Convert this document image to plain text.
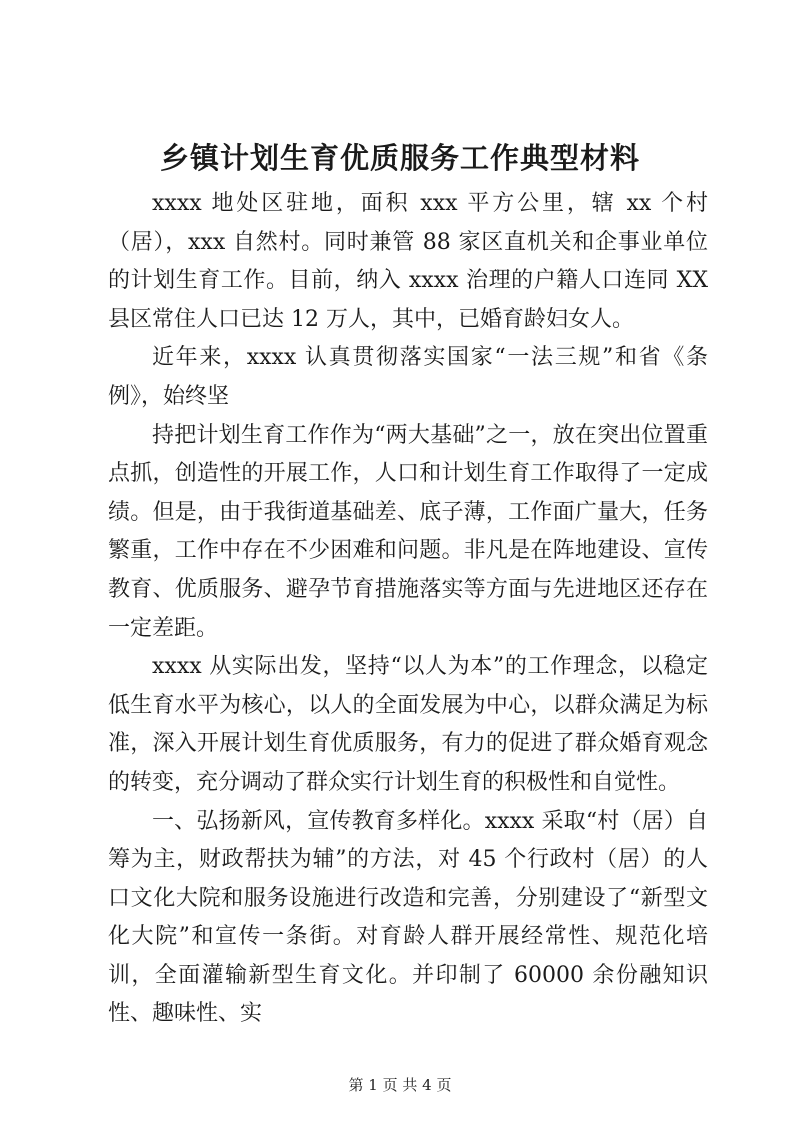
乡镇计划生育优质服务工作典型材料

xxxx 地处区驻地，面积 xxx 平方公里，辖 xx 个村（居），xxx 自然村。同时兼管 88 家区直机关和企事业单位的计划生育工作。目前，纳入 xxxx 治理的户籍人口连同 XX 县区常住人口已达 12 万人，其中，已婚育龄妇女人。

近年来，xxxx 认真贯彻落实国家“一法三规”和省《条例》，始终坚

持把计划生育工作作为“两大基础”之一，放在突出位置重点抓，创造性的开展工作，人口和计划生育工作取得了一定成绩。但是，由于我街道基础差、底子薄，工作面广量大，任务繁重，工作中存在不少困难和问题。非凡是在阵地建设、宣传教育、优质服务、避孕节育措施落实等方面与先进地区还存在一定差距。

xxxx 从实际出发，坚持“以人为本”的工作理念，以稳定低生育水平为核心，以人的全面发展为中心，以群众满足为标准，深入开展计划生育优质服务，有力的促进了群众婚育观念的转变，充分调动了群众实行计划生育的积极性和自觉性。

一、弘扬新风，宣传教育多样化。xxxx 采取“村（居）自筹为主，财政帮扶为辅”的方法，对 45 个行政村（居）的人口文化大院和服务设施进行改造和完善，分别建设了“新型文化大院”和宣传一条街。对育龄人群开展经常性、规范化培训，全面灌输新型生育文化。并印制了 60000 余份融知识性、趣味性、实

第 1 页 共 4 页
